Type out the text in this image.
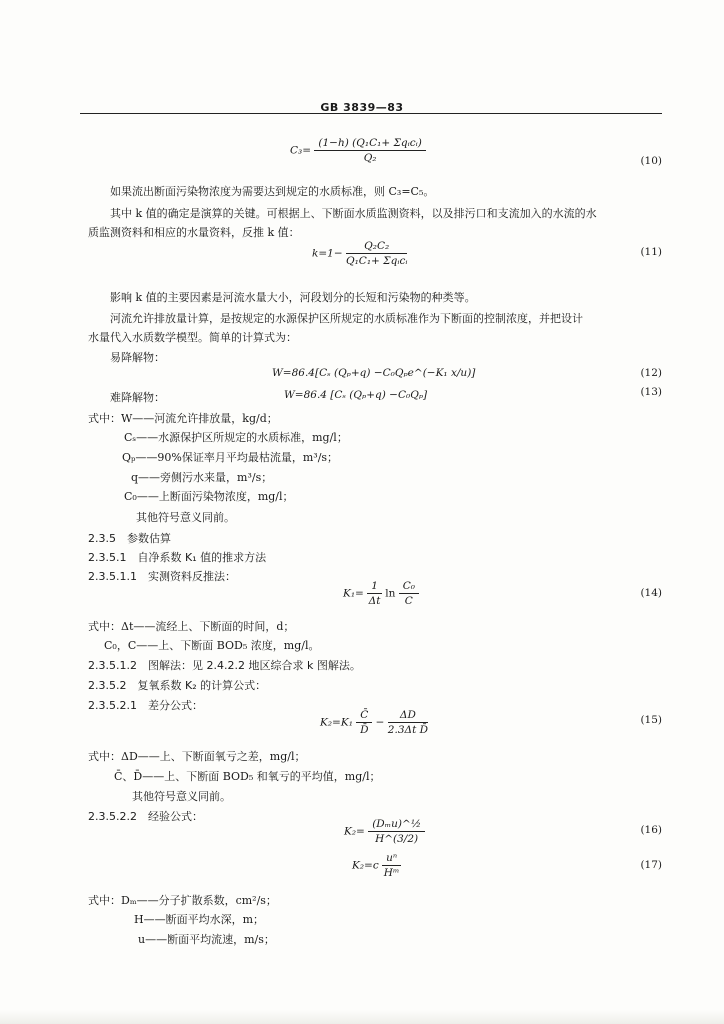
GB 3839—83
$C_3= \frac{\text{(1−h) (Q₁C₁+ Σqᵢcᵢ)}}{\text{Q₂}}$	(10)
如果流出断面污染物浓度为需要达到规定的水质标准，则 C₃=C₅。
其中 k 值的确定是演算的关键。可根据上、下断面水质监测资料，以及排污口和支流加入的水流的水
质监测资料和相应的水量资料，反推 k 值：
$k=1- \frac{\text{Q₂C₂}}{\text{Q₁C₁+ Σqᵢcᵢ}}$	(11)
影响 k 值的主要因素是河流水量大小，河段划分的长短和污染物的种类等。
河流允许排放量计算，是按规定的水源保护区所规定的水质标准作为下断面的控制浓度，并把设计
水量代入水质数学模型。简单的计算式为：
易降解物：
W=86.4[Cₛ (Qₚ+q) −C₀Qₚe^(−K₁ x/u)]	(12)
难降解物：	W=86.4 [Cₛ (Qₚ+q) −C₀Qₚ]	(13)
式中：W——河流允许排放量，kg/d；
Cₛ——水源保护区所规定的水质标准，mg/l；
Qₚ——90%保证率月平均最枯流量，m³/s；
q——旁侧污水来量，m³/s；
C₀——上断面污染物浓度，mg/l；
其他符号意义同前。
2.3.5　参数估算
2.3.5.1　自净系数 K₁ 值的推求方法
2.3.5.1.1　实测资料反推法：
$K_1= \frac{1}{\Delta t}$ $\ln \frac{\text{C₀}}{C}$	(14)
式中：Δt——流经上、下断面的时间，d；
C₀，C——上、下断面 BOD₅ 浓度，mg/l。
2.3.5.1.2　图解法：见 2.4.2.2 地区综合求 k 图解法。
2.3.5.2　复氧系数 K₂ 的计算公式：
2.3.5.2.1　差分公式：
$K_2=K_1 \frac{C̄}{D̄} - \frac{\Delta D}{\text{2.3Δt D̄}}$	(15)
式中：ΔD——上、下断面氧亏之差，mg/l；
C̄、D̄——上、下断面 BOD₅ 和氧亏的平均值，mg/l；
其他符号意义同前。
2.3.5.2.2　经验公式：
$K_2= \frac{\text{(Dₘu)\textasciicircum{}½}}{H\^{}(3/2)}$	(16)
$K_2=c \frac{\text{uⁿ}}{\text{Hᵐ}}$	(17)
式中：Dₘ——分子扩散系数，cm²/s；
H——断面平均水深，m；
u——断面平均流速，m/s；
